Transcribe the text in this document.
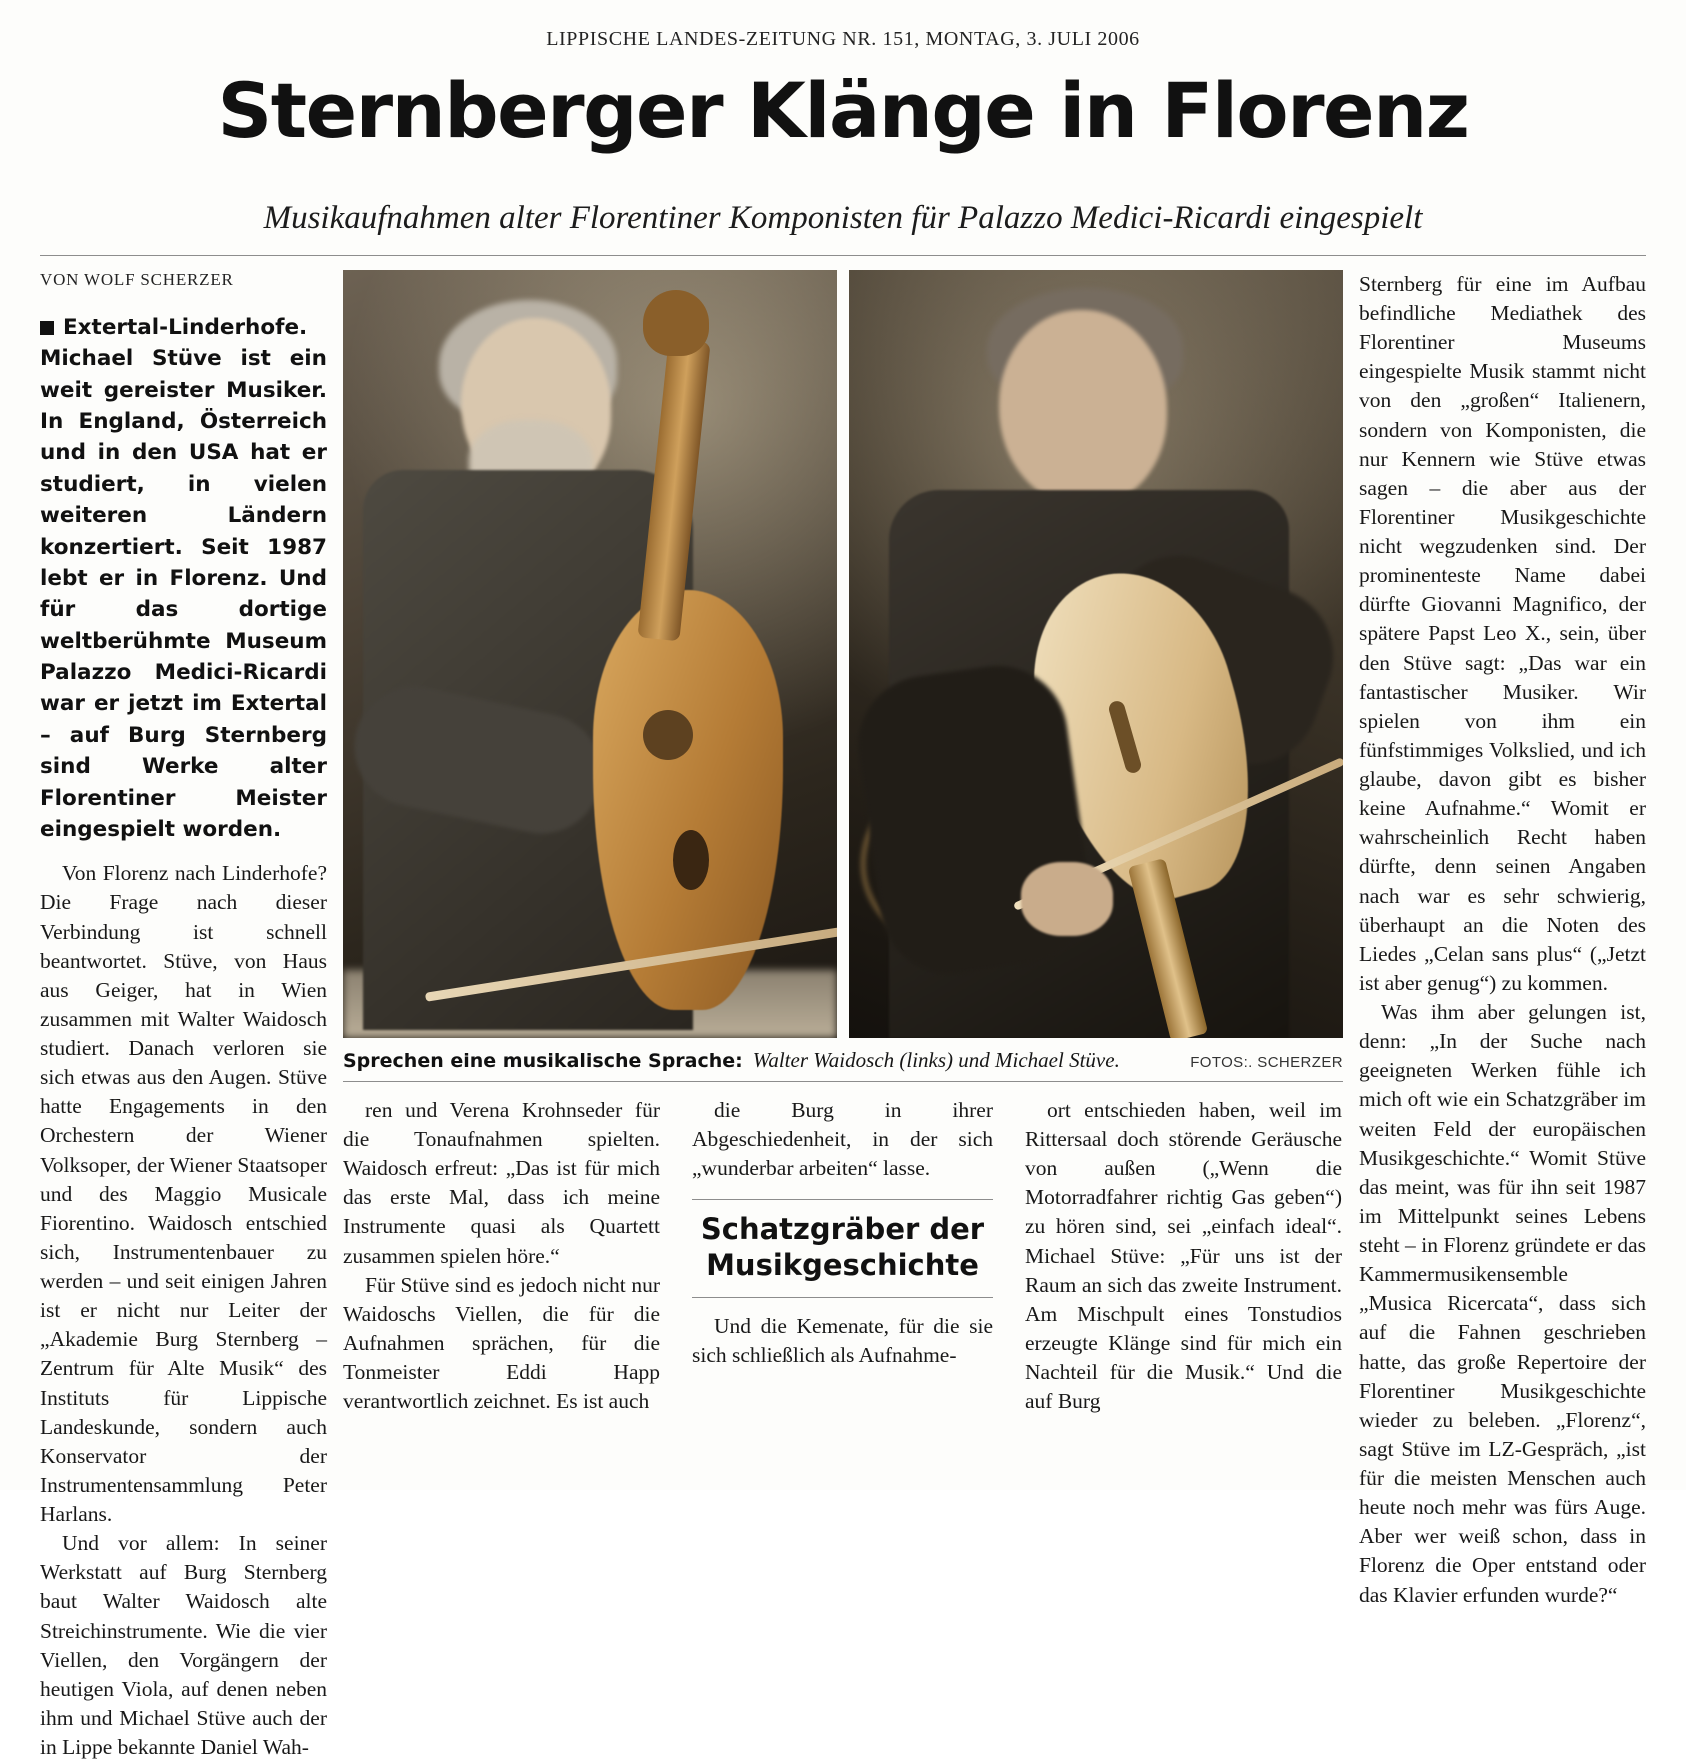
LIPPISCHE LANDES-ZEITUNG NR. 151, MONTAG, 3. JULI 2006
Sternberger Klänge in Florenz
Musikaufnahmen alter Florentiner Komponisten für Palazzo Medici-Ricardi eingespielt
VON WOLF SCHERZER
Extertal-Linderhofe. Michael Stüve ist ein weit gereister Musiker. In England, Österreich und in den USA hat er studiert, in vielen weiteren Ländern konzertiert. Seit 1987 lebt er in Florenz. Und für das dortige weltberühmte Museum Palazzo Medici-Ricardi war er jetzt im Extertal – auf Burg Sternberg sind Werke alter Florentiner Meister eingespielt worden.

Von Florenz nach Linderhofe? Die Frage nach dieser Verbindung ist schnell beantwortet. Stüve, von Haus aus Geiger, hat in Wien zusammen mit Walter Waidosch studiert. Danach verloren sie sich etwas aus den Augen. Stüve hatte Engagements in den Orchestern der Wiener Volksoper, der Wiener Staatsoper und des Maggio Musicale Fiorentino. Waidosch entschied sich, Instrumentenbauer zu werden – und seit einigen Jahren ist er nicht nur Leiter der „Akademie Burg Sternberg – Zentrum für Alte Musik“ des Instituts für Lippische Landeskunde, sondern auch Konservator der Instrumentensammlung Peter Harlans.

Und vor allem: In seiner Werkstatt auf Burg Sternberg baut Walter Waidosch alte Streichinstrumente. Wie die vier Viellen, den Vorgängern der heutigen Viola, auf denen neben ihm und Michael Stüve auch der in Lippe bekannte Daniel Wah-

Sprechen eine musikalische Sprache: Walter Waidosch (links) und Michael Stüve.	FOTOS:. SCHERZER

ren und Verena Krohnseder für die Tonaufnahmen spielten. Waidosch erfreut: „Das ist für mich das erste Mal, dass ich meine Instrumente quasi als Quartett zusammen spielen höre.“

Für Stüve sind es jedoch nicht nur Waidoschs Viellen, die für die Aufnahmen sprächen, für die Tonmeister Eddi Happ verantwortlich zeichnet. Es ist auch

die Burg in ihrer Abgeschiedenheit, in der sich „wunderbar arbeiten“ lasse.

Schatzgräber der
Musikgeschichte

Und die Kemenate, für die sie sich schließlich als Aufnahme-

ort entschieden haben, weil im Rittersaal doch störende Geräusche von außen („Wenn die Motorradfahrer richtig Gas geben“) zu hören sind, sei „einfach ideal“. Michael Stüve: „Für uns ist der Raum an sich das zweite Instrument. Am Mischpult eines Tonstudios erzeugte Klänge sind für mich ein Nachteil für die Musik.“ Und die auf Burg

Sternberg für eine im Aufbau befindliche Mediathek des Florentiner Museums eingespielte Musik stammt nicht von den „großen“ Italienern, sondern von Komponisten, die nur Kennern wie Stüve etwas sagen – die aber aus der Florentiner Musikgeschichte nicht wegzudenken sind. Der prominenteste Name dabei dürfte Giovanni Magnifico, der spätere Papst Leo X., sein, über den Stüve sagt: „Das war ein fantastischer Musiker. Wir spielen von ihm ein fünfstimmiges Volkslied, und ich glaube, davon gibt es bisher keine Aufnahme.“ Womit er wahrscheinlich Recht haben dürfte, denn seinen Angaben nach war es sehr schwierig, überhaupt an die Noten des Liedes „Celan sans plus“ („Jetzt ist aber genug“) zu kommen.

Was ihm aber gelungen ist, denn: „In der Suche nach geeigneten Werken fühle ich mich oft wie ein Schatzgräber im weiten Feld der europäischen Musikgeschichte.“ Womit Stüve das meint, was für ihn seit 1987 im Mittelpunkt seines Lebens steht – in Florenz gründete er das Kammermusikensemble „Musica Ricercata“, dass sich auf die Fahnen geschrieben hatte, das große Repertoire der Florentiner Musikgeschichte wieder zu beleben. „Florenz“, sagt Stüve im LZ-Gespräch, „ist für die meisten Menschen auch heute noch mehr was fürs Auge. Aber wer weiß schon, dass in Florenz die Oper entstand oder das Klavier erfunden wurde?“
